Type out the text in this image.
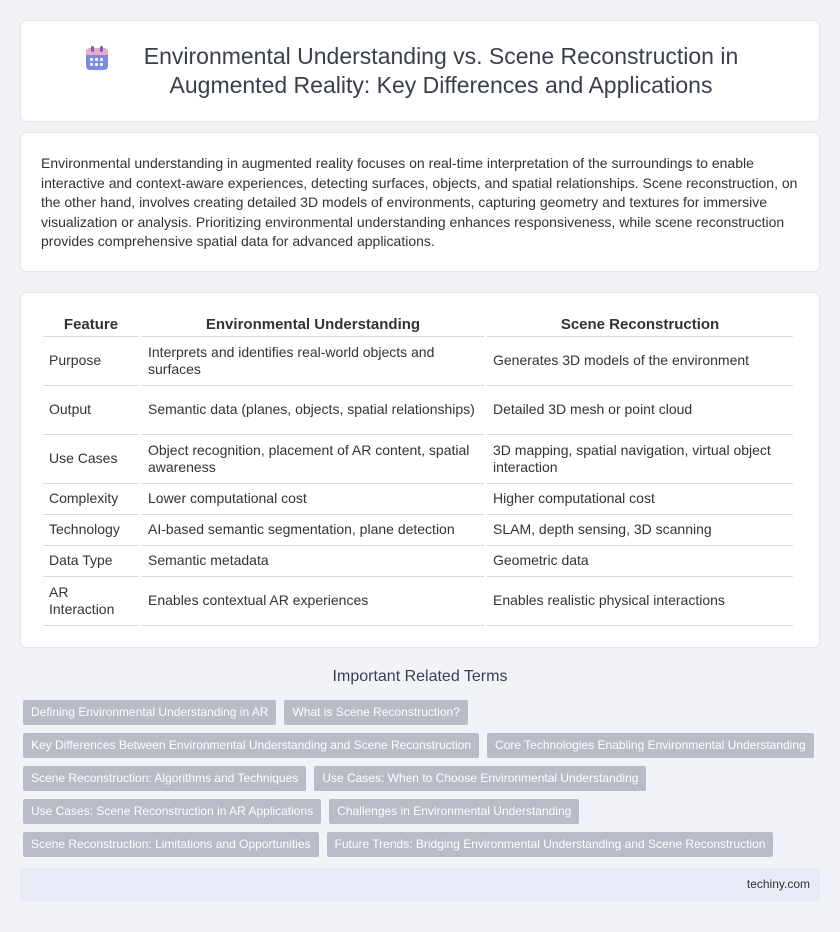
Environmental Understanding vs. Scene Reconstruction in Augmented Reality: Key Differences and Applications

Environmental understanding in augmented reality focuses on real-time interpretation of the surroundings to enable interactive and context-aware experiences, detecting surfaces, objects, and spatial relationships. Scene reconstruction, on the other hand, involves creating detailed 3D models of environments, capturing geometry and textures for immersive visualization or analysis. Prioritizing environmental understanding enhances responsiveness, while scene reconstruction provides comprehensive spatial data for advanced applications.

Feature	Environmental Understanding	Scene Reconstruction
Purpose	Interprets and identifies real-world objects and surfaces	Generates 3D models of the environment
Output	Semantic data (planes, objects, spatial relationships)	Detailed 3D mesh or point cloud
Use Cases	Object recognition, placement of AR content, spatial awareness	3D mapping, spatial navigation, virtual object interaction
Complexity	Lower computational cost	Higher computational cost
Technology	AI-based semantic segmentation, plane detection	SLAM, depth sensing, 3D scanning
Data Type	Semantic metadata	Geometric data
AR Interaction	Enables contextual AR experiences	Enables realistic physical interactions
Important Related Terms
Defining Environmental Understanding in AR	What is Scene Reconstruction?
Key Differences Between Environmental Understanding and Scene Reconstruction	Core Technologies Enabling Environmental Understanding
Scene Reconstruction: Algorithms and Techniques	Use Cases: When to Choose Environmental Understanding
Use Cases: Scene Reconstruction in AR Applications	Challenges in Environmental Understanding
Scene Reconstruction: Limitations and Opportunities	Future Trends: Bridging Environmental Understanding and Scene Reconstruction
techiny.com
